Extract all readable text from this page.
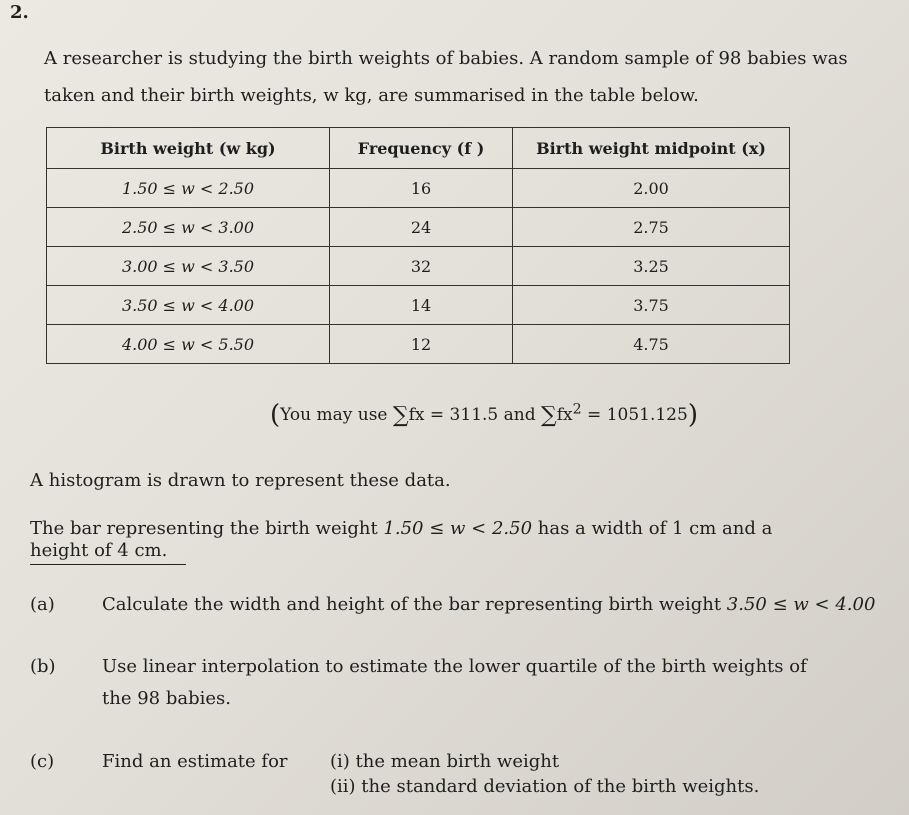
2.
A researcher is studying the birth weights of babies. A random sample of 98 babies was
taken and their birth weights, w kg, are summarised in the table below.
Birth weight (w kg)	Frequency (f )	Birth weight midpoint (x)
1.50 ≤ w < 2.50	16	2.00
2.50 ≤ w < 3.00	24	2.75
3.00 ≤ w < 3.50	32	3.25
3.50 ≤ w < 4.00	14	3.75
4.00 ≤ w < 5.50	12	4.75
(You may use ∑fx = 311.5 and $\sum fx^2 = 1051.125$)
A histogram is drawn to represent these data.
The bar representing the birth weight 1.50 ≤ w < 2.50 has a width of 1 cm and a
height of 4 cm.
(a)	Calculate the width and height of the bar representing birth weight 3.50 ≤ w < 4.00
(b)	Use linear interpolation to estimate the lower quartile of the birth weights of
the 98 babies.
(c)	Find an estimate for (i) the mean birth weight
(ii) the standard deviation of the birth weights.
